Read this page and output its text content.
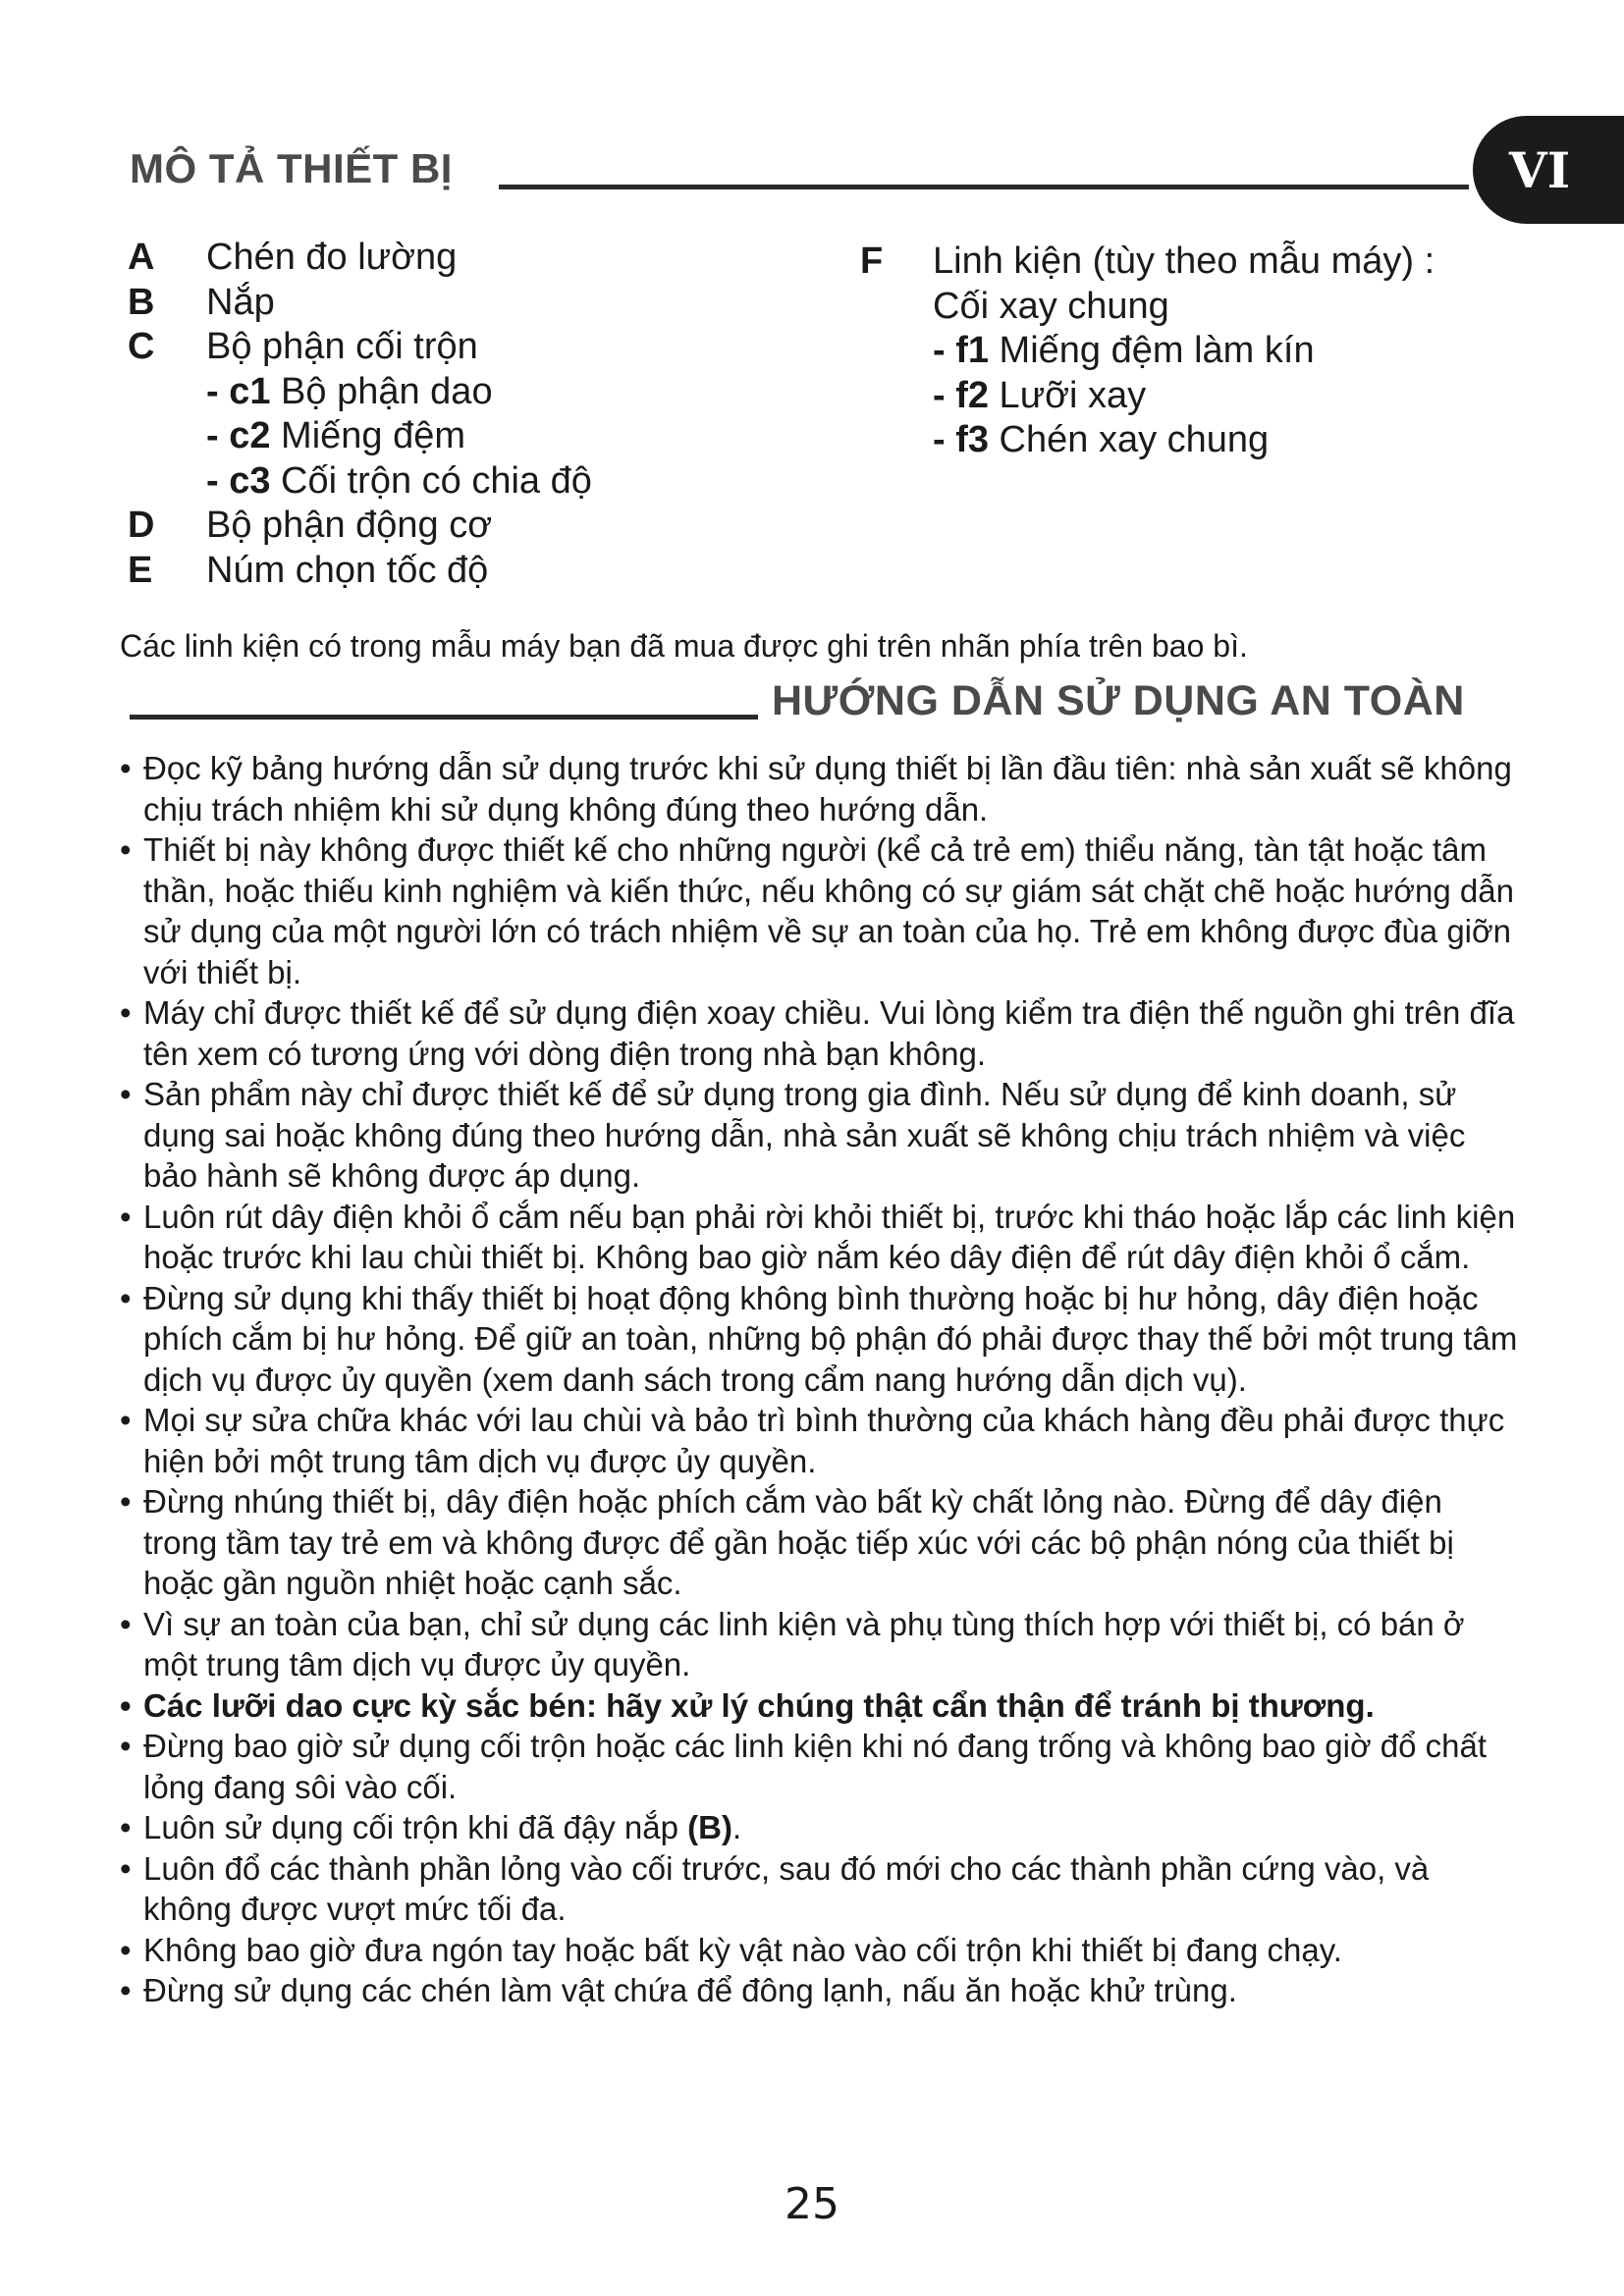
MÔ TẢ THIẾT BỊ	VI
A	Chén đo lường
B	Nắp
C	Bộ phận cối trộn
- c1 Bộ phận dao
- c2 Miếng đệm
- c3 Cối trộn có chia độ
D	Bộ phận động cơ
E	Núm chọn tốc độ
F	Linh kiện (tùy theo mẫu máy) :
Cối xay chung
- f1 Miếng đệm làm kín
- f2 Lưỡi xay
- f3 Chén xay chung

Các linh kiện có trong mẫu máy bạn đã mua được ghi trên nhãn phía trên bao bì.

HƯỚNG DẪN SỬ DỤNG AN TOÀN
• Đọc kỹ bảng hướng dẫn sử dụng trước khi sử dụng thiết bị lần đầu tiên: nhà sản xuất sẽ không chịu trách nhiệm khi sử dụng không đúng theo hướng dẫn.
• Thiết bị này không được thiết kế cho những người (kể cả trẻ em) thiểu năng, tàn tật hoặc tâm thần, hoặc thiếu kinh nghiệm và kiến thức, nếu không có sự giám sát chặt chẽ hoặc hướng dẫn sử dụng của một người lớn có trách nhiệm về sự an toàn của họ. Trẻ em không được đùa giỡn với thiết bị.
• Máy chỉ được thiết kế để sử dụng điện xoay chiều. Vui lòng kiểm tra điện thế nguồn ghi trên đĩa tên xem có tương ứng với dòng điện trong nhà bạn không.
• Sản phẩm này chỉ được thiết kế để sử dụng trong gia đình. Nếu sử dụng để kinh doanh, sử dụng sai hoặc không đúng theo hướng dẫn, nhà sản xuất sẽ không chịu trách nhiệm và việc bảo hành sẽ không được áp dụng.
• Luôn rút dây điện khỏi ổ cắm nếu bạn phải rời khỏi thiết bị, trước khi tháo hoặc lắp các linh kiện hoặc trước khi lau chùi thiết bị. Không bao giờ nắm kéo dây điện để rút dây điện khỏi ổ cắm.
• Đừng sử dụng khi thấy thiết bị hoạt động không bình thường hoặc bị hư hỏng, dây điện hoặc phích cắm bị hư hỏng. Để giữ an toàn, những bộ phận đó phải được thay thế bởi một trung tâm dịch vụ được ủy quyền (xem danh sách trong cẩm nang hướng dẫn dịch vụ).
• Mọi sự sửa chữa khác với lau chùi và bảo trì bình thường của khách hàng đều phải được thực hiện bởi một trung tâm dịch vụ được ủy quyền.
• Đừng nhúng thiết bị, dây điện hoặc phích cắm vào bất kỳ chất lỏng nào. Đừng để dây điện trong tầm tay trẻ em và không được để gần hoặc tiếp xúc với các bộ phận nóng của thiết bị hoặc gần nguồn nhiệt hoặc cạnh sắc.
• Vì sự an toàn của bạn, chỉ sử dụng các linh kiện và phụ tùng thích hợp với thiết bị, có bán ở một trung tâm dịch vụ được ủy quyền.
• Các lưỡi dao cực kỳ sắc bén: hãy xử lý chúng thật cẩn thận để tránh bị thương.
• Đừng bao giờ sử dụng cối trộn hoặc các linh kiện khi nó đang trống và không bao giờ đổ chất lỏng đang sôi vào cối.
• Luôn sử dụng cối trộn khi đã đậy nắp (B).
• Luôn đổ các thành phần lỏng vào cối trước, sau đó mới cho các thành phần cứng vào, và không được vượt mức tối đa.
• Không bao giờ đưa ngón tay hoặc bất kỳ vật nào vào cối trộn khi thiết bị đang chạy.
• Đừng sử dụng các chén làm vật chứa để đông lạnh, nấu ăn hoặc khử trùng.
25
